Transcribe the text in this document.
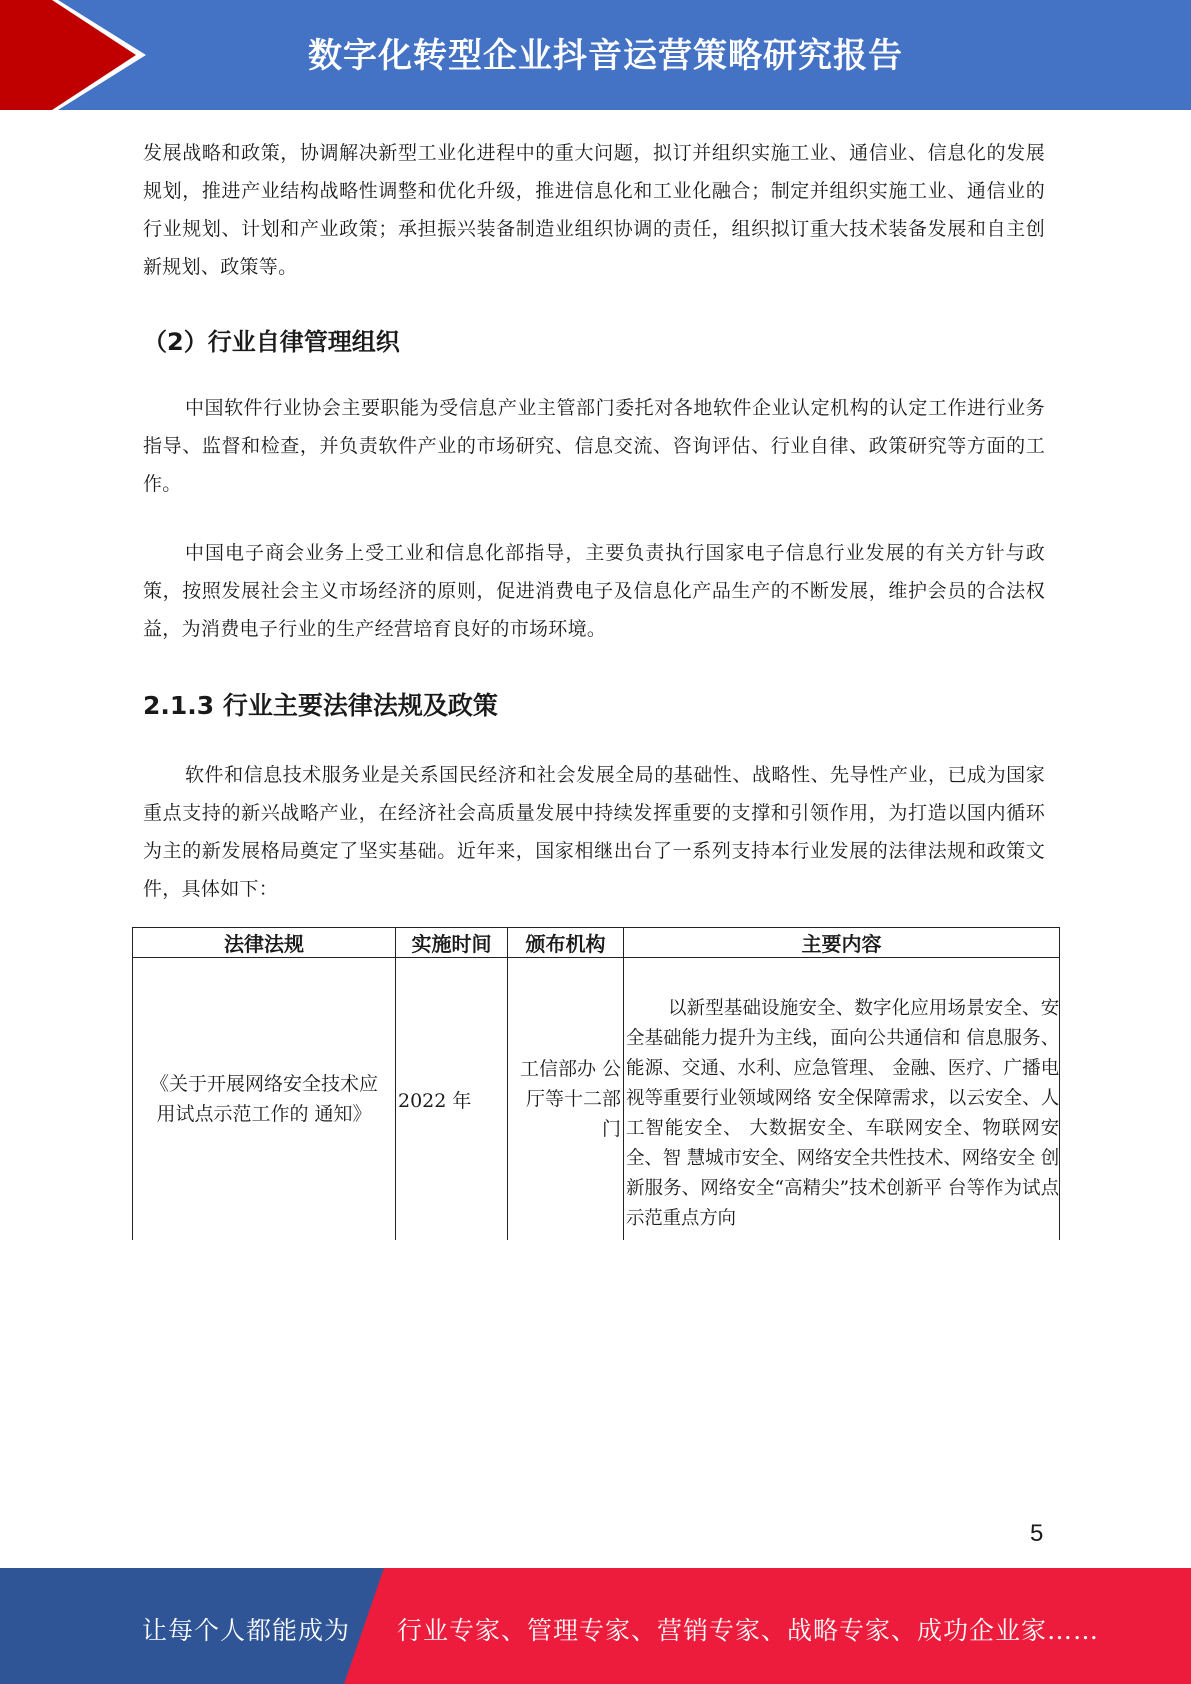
数字化转型企业抖音运营策略研究报告

发展战略和政策，协调解决新型工业化进程中的重大问题，拟订并组织实施工业、通信业、信息化的发展规划，推进产业结构战略性调整和优化升级，推进信息化和工业化融合；制定并组织实施工业、通信业的行业规划、计划和产业政策；承担振兴装备制造业组织协调的责任，组织拟订重大技术装备发展和自主创新规划、政策等。

（2）行业自律管理组织

中国软件行业协会主要职能为受信息产业主管部门委托对各地软件企业认定机构的认定工作进行业务指导、监督和检查，并负责软件产业的市场研究、信息交流、咨询评估、行业自律、政策研究等方面的工作。

中国电子商会业务上受工业和信息化部指导，主要负责执行国家电子信息行业发展的有关方针与政策，按照发展社会主义市场经济的原则，促进消费电子及信息化产品生产的不断发展，维护会员的合法权益，为消费电子行业的生产经营培育良好的市场环境。

2.1.3 行业主要法律法规及政策

软件和信息技术服务业是关系国民经济和社会发展全局的基础性、战略性、先导性产业，已成为国家重点支持的新兴战略产业，在经济社会高质量发展中持续发挥重要的支撑和引领作用，为打造以国内循环为主的新发展格局奠定了坚实基础。近年来，国家相继出台了一系列支持本行业发展的法律法规和政策文件，具体如下：

法律法规	实施时间	颁布机构	主要内容
《关于开展网络安全技术应用试点示范工作的 通知》	2022 年	工信部办 公厅等十二部门	以新型基础设施安全、数字化应用场景安全、安全基础能力提升为主线，面向公共通信和 信息服务、能源、交通、水利、应急管理、 金融、医疗、广播电视等重要行业领域网络 安全保障需求，以云安全、人工智能安全、 大数据安全、车联网安全、物联网安全、智 慧城市安全、网络安全共性技术、网络安全 创新服务、网络安全“高精尖”技术创新平 台等作为试点示范重点方向
5
让每个人都能成为 行业专家、管理专家、营销专家、战略专家、成功企业家……
